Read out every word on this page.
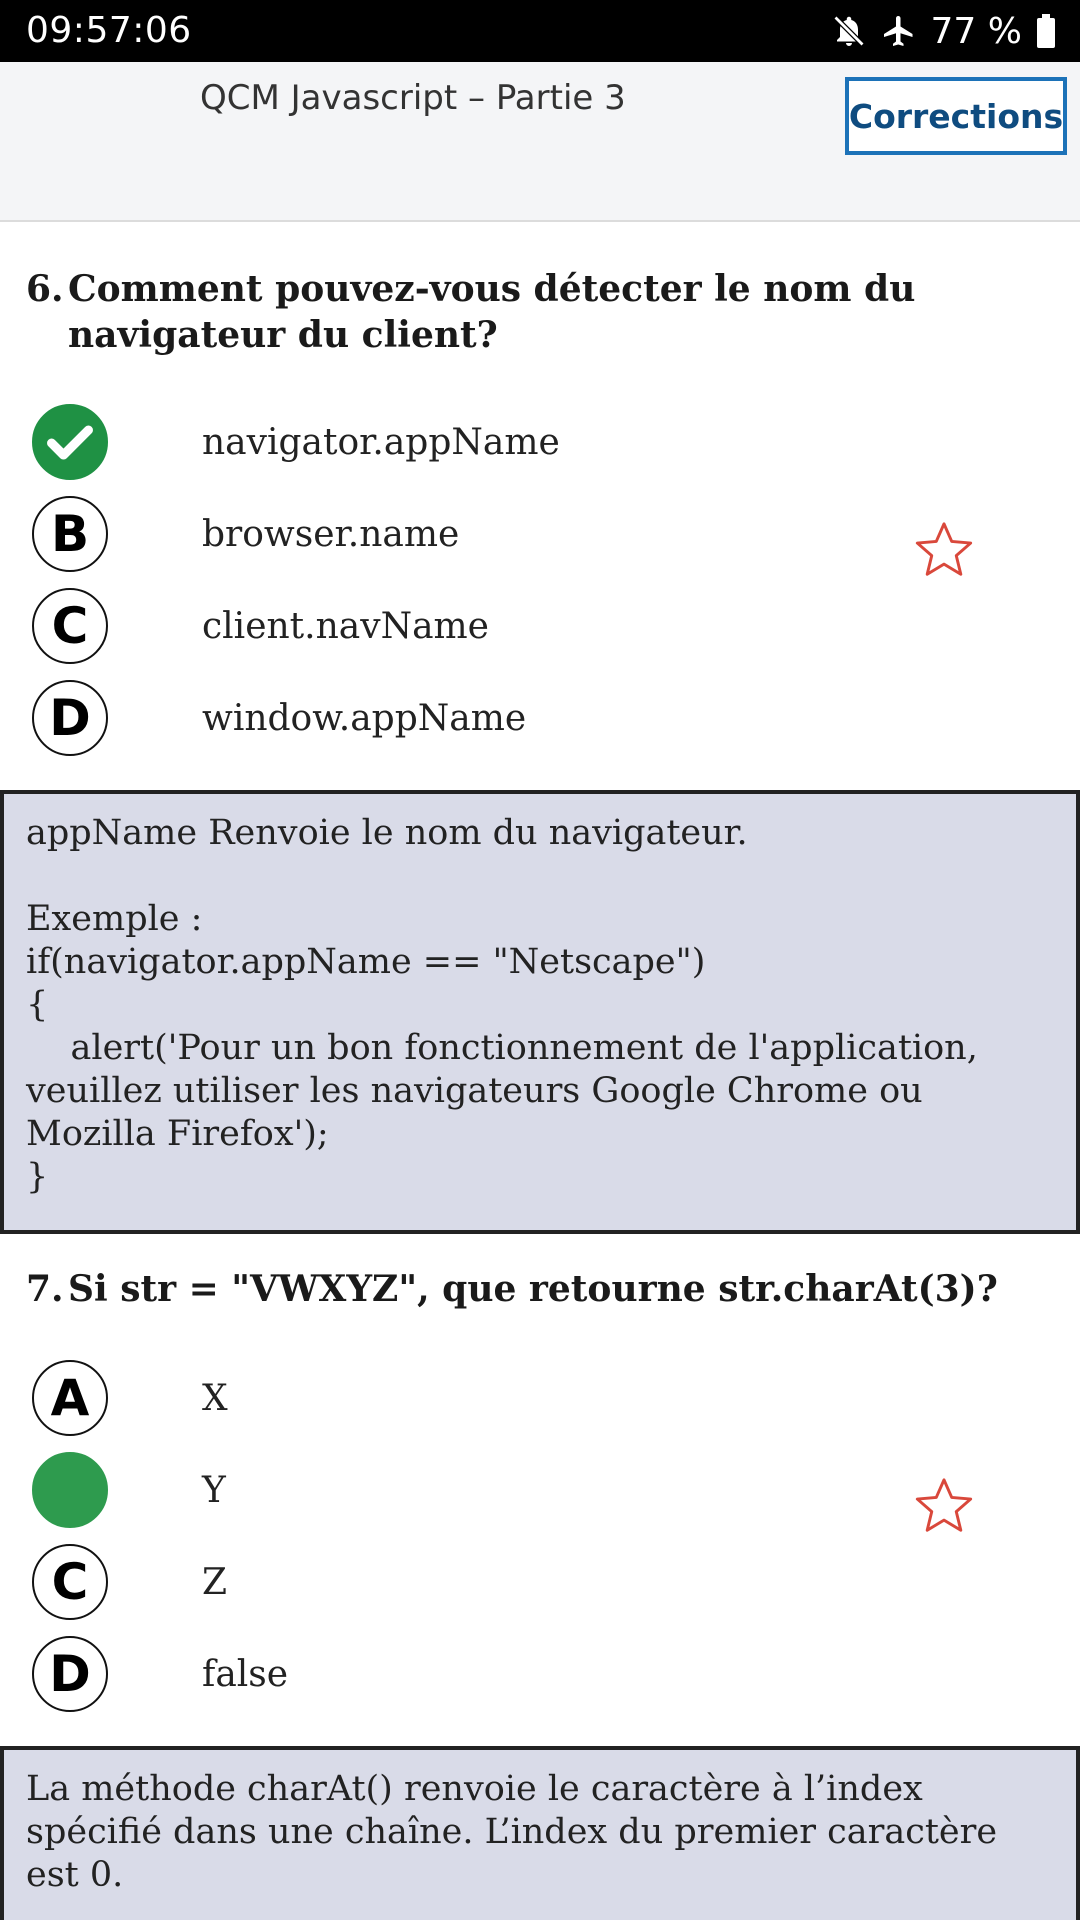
09:57:06	77 %
QCM Javascript – Partie 3	Corrections
6. Comment pouvez-vous détecter le nom du navigateur du client?
navigator.appName
B	browser.name
C	client.navName
D	window.appName
appName Renvoie le nom du navigateur.

Exemple :
if(navigator.appName == "Netscape")
{
alert('Pour un bon fonctionnement de l'application, veuillez utiliser les navigateurs Google Chrome ou Mozilla Firefox');
}
7. Si str = "VWXYZ", que retourne str.charAt(3)?
A	X
Y
C	Z
D	false
La méthode charAt() renvoie le caractère à l’index spécifié dans une chaîne. L’index du premier caractère est 0.
